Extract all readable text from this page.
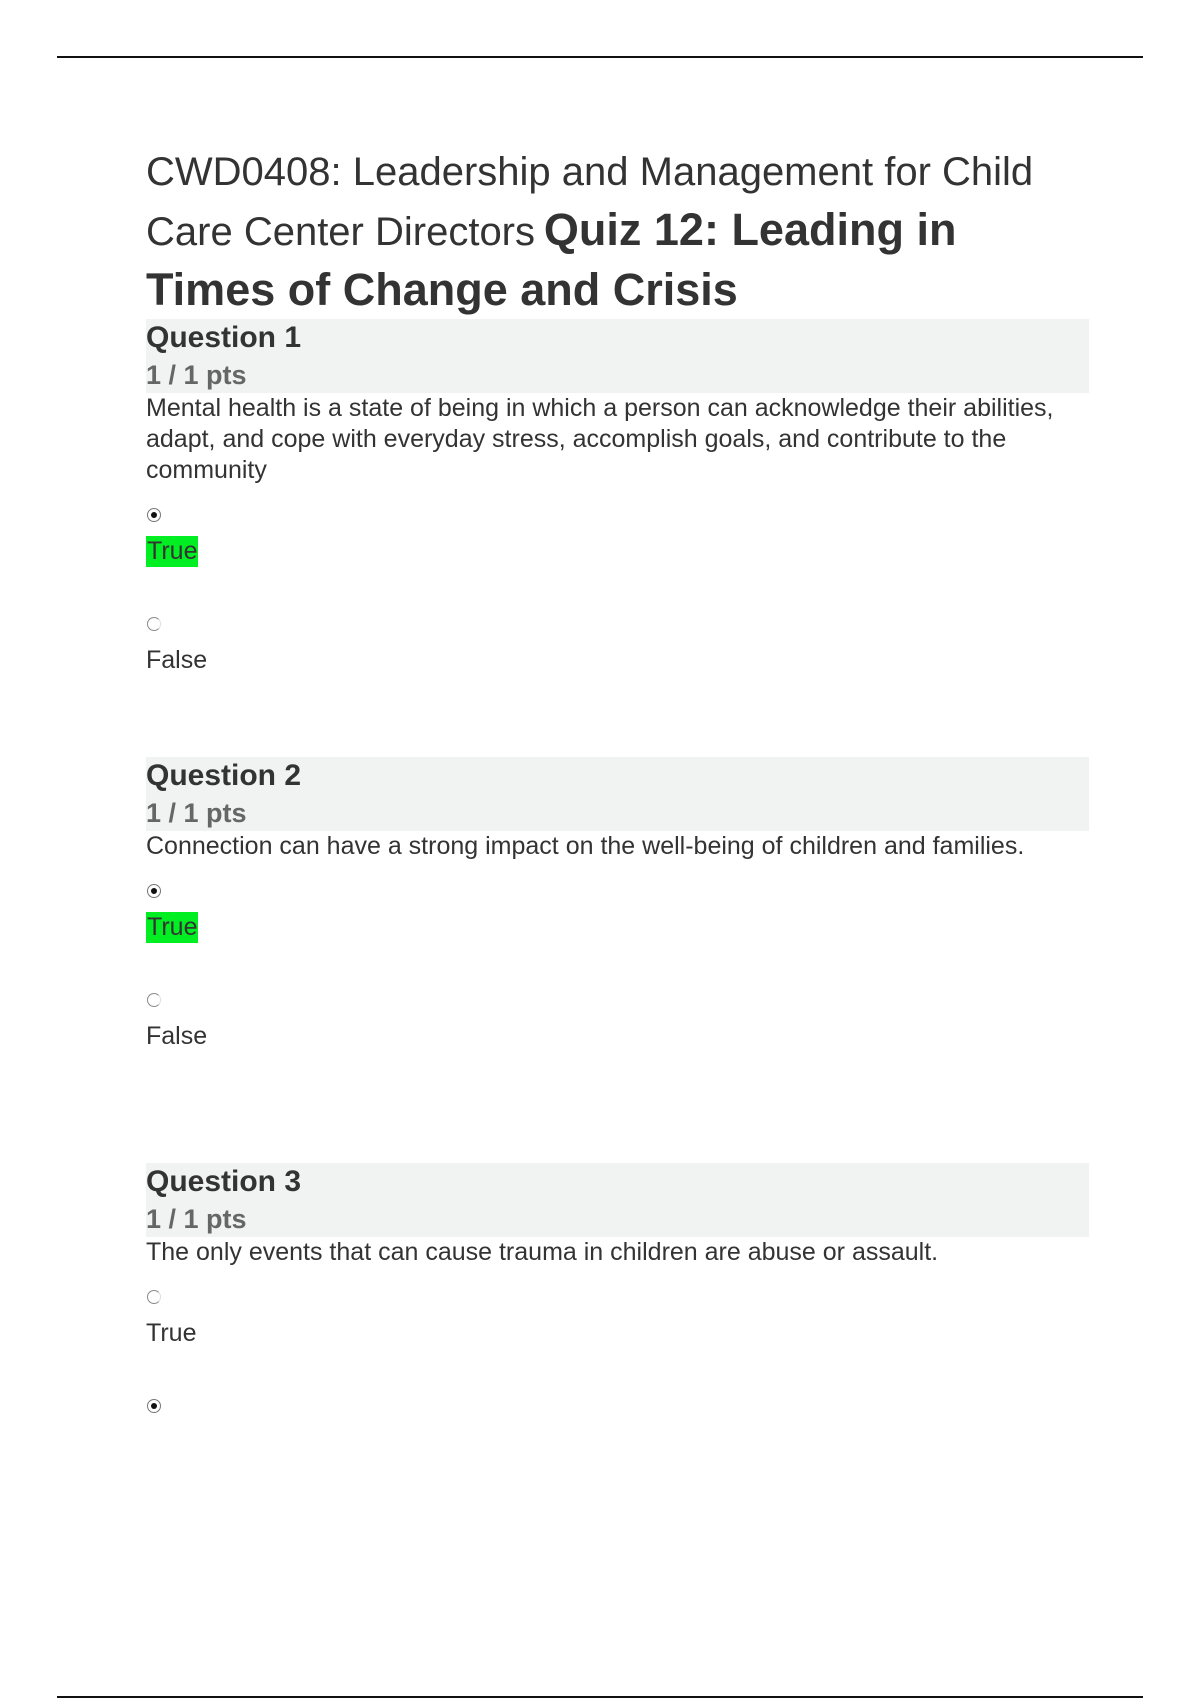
CWD0408: Leadership and Management for Child Care Center Directors Quiz 12: Leading in Times of Change and Crisis
Question 1
1 / 1 pts

Mental health is a state of being in which a person can acknowledge their abilities, adapt, and cope with everyday stress, accomplish goals, and contribute to the community

True
False
Question 2
1 / 1 pts

Connection can have a strong impact on the well-being of children and families.

True
False
Question 3
1 / 1 pts

The only events that can cause trauma in children are abuse or assault.

True
